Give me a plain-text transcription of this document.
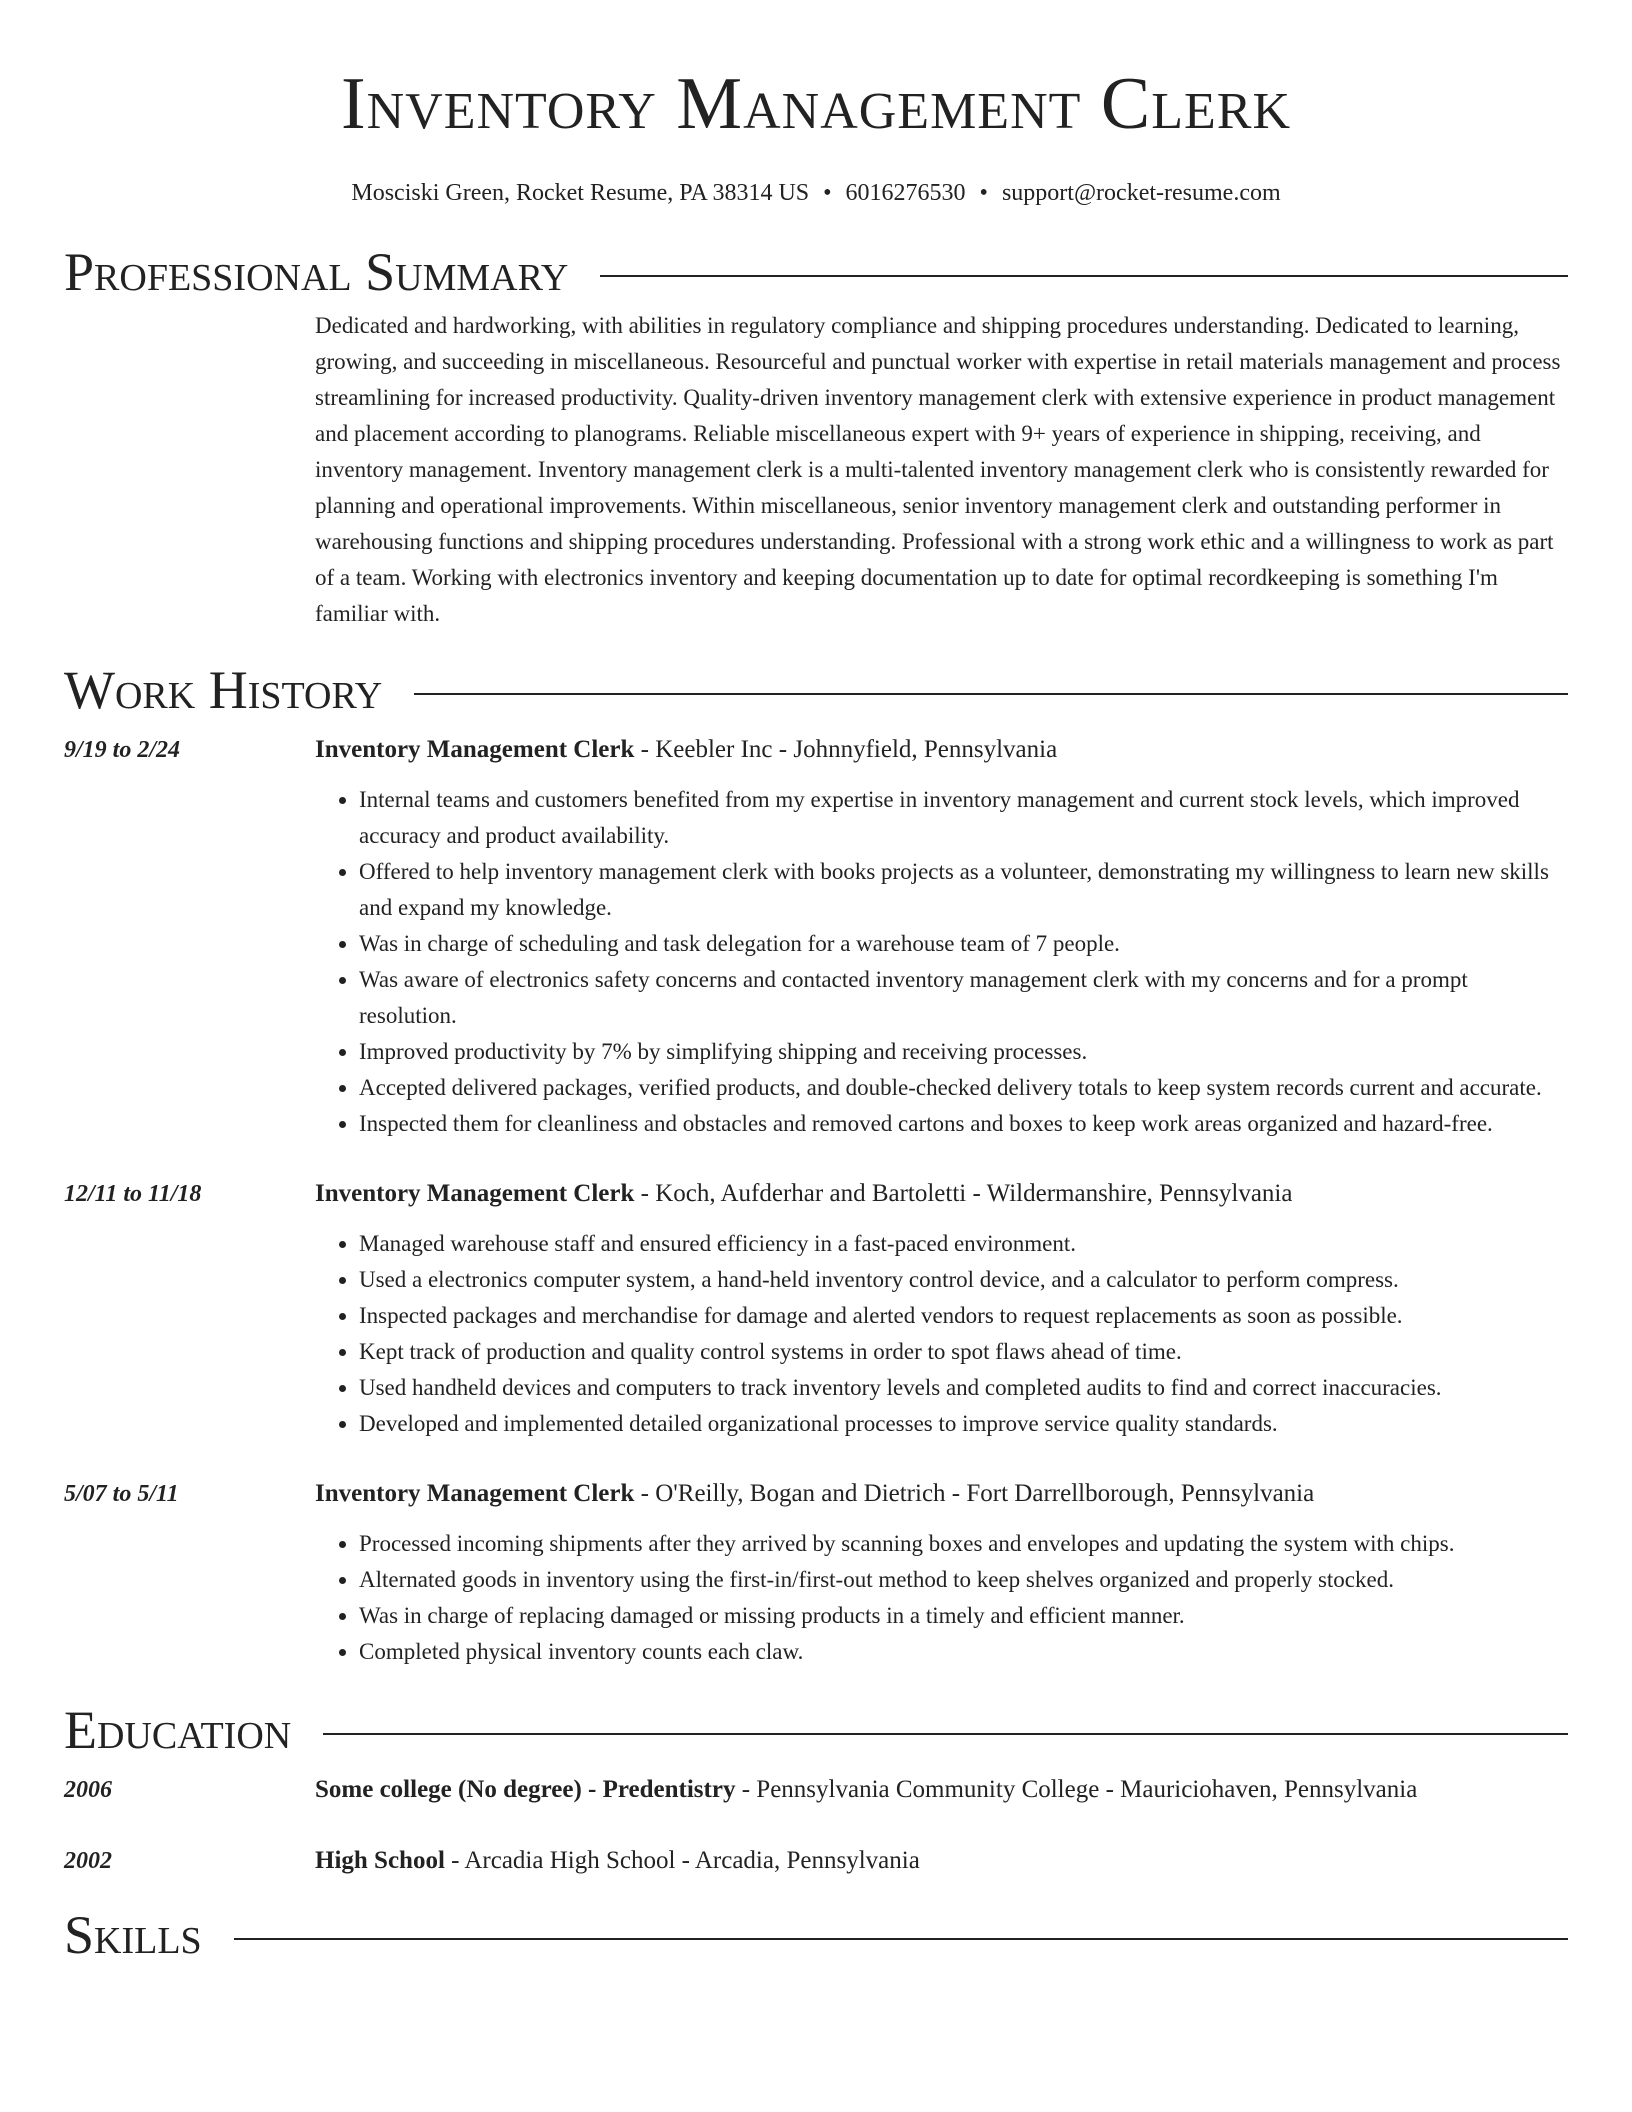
Inventory Management Clerk
Mosciski Green, Rocket Resume, PA 38314 US • 6016276530 • support@rocket-resume.com
Professional Summary
Dedicated and hardworking, with abilities in regulatory compliance and shipping procedures understanding. Dedicated to learning, growing, and succeeding in miscellaneous. Resourceful and punctual worker with expertise in retail materials management and process streamlining for increased productivity. Quality-driven inventory management clerk with extensive experience in product management and placement according to planograms. Reliable miscellaneous expert with 9+ years of experience in shipping, receiving, and inventory management. Inventory management clerk is a multi-talented inventory management clerk who is consistently rewarded for planning and operational improvements. Within miscellaneous, senior inventory management clerk and outstanding performer in warehousing functions and shipping procedures understanding. Professional with a strong work ethic and a willingness to work as part of a team. Working with electronics inventory and keeping documentation up to date for optimal recordkeeping is something I'm familiar with.
Work History
9/19 to 2/24	Inventory Management Clerk - Keebler Inc - Johnnyfield, Pennsylvania
• Internal teams and customers benefited from my expertise in inventory management and current stock levels, which improved accuracy and product availability.
• Offered to help inventory management clerk with books projects as a volunteer, demonstrating my willingness to learn new skills and expand my knowledge.
• Was in charge of scheduling and task delegation for a warehouse team of 7 people.
• Was aware of electronics safety concerns and contacted inventory management clerk with my concerns and for a prompt resolution.
• Improved productivity by 7% by simplifying shipping and receiving processes.
• Accepted delivered packages, verified products, and double-checked delivery totals to keep system records current and accurate.
• Inspected them for cleanliness and obstacles and removed cartons and boxes to keep work areas organized and hazard-free.
12/11 to 11/18	Inventory Management Clerk - Koch, Aufderhar and Bartoletti - Wildermanshire, Pennsylvania
• Managed warehouse staff and ensured efficiency in a fast-paced environment.
• Used a electronics computer system, a hand-held inventory control device, and a calculator to perform compress.
• Inspected packages and merchandise for damage and alerted vendors to request replacements as soon as possible.
• Kept track of production and quality control systems in order to spot flaws ahead of time.
• Used handheld devices and computers to track inventory levels and completed audits to find and correct inaccuracies.
• Developed and implemented detailed organizational processes to improve service quality standards.
5/07 to 5/11	Inventory Management Clerk - O'Reilly, Bogan and Dietrich - Fort Darrellborough, Pennsylvania
• Processed incoming shipments after they arrived by scanning boxes and envelopes and updating the system with chips.
• Alternated goods in inventory using the first-in/first-out method to keep shelves organized and properly stocked.
• Was in charge of replacing damaged or missing products in a timely and efficient manner.
• Completed physical inventory counts each claw.
Education
2006	Some college (No degree) - Predentistry - Pennsylvania Community College - Mauriciohaven, Pennsylvania
2002	High School - Arcadia High School - Arcadia, Pennsylvania
Skills
